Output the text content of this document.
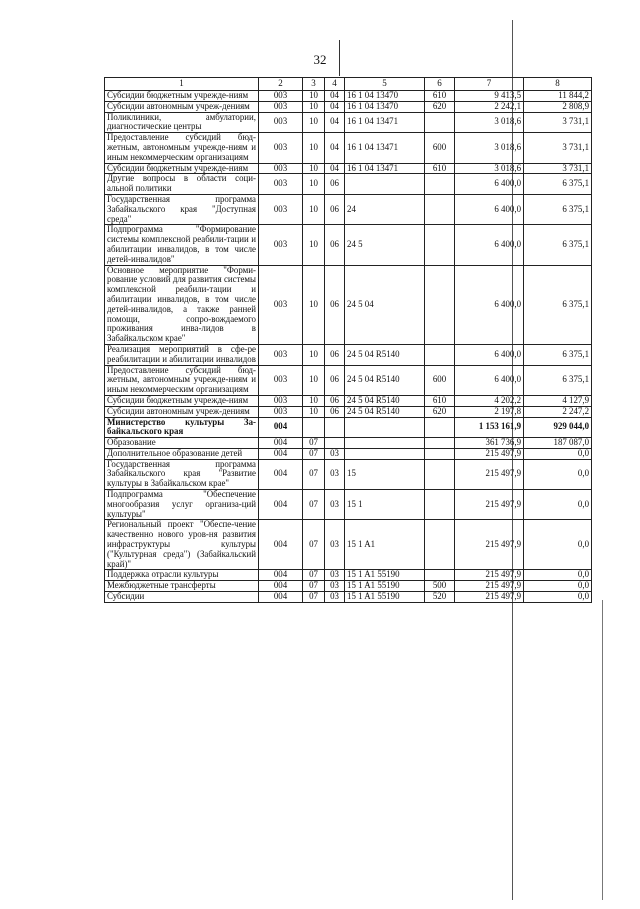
32
1	2	3	4	5	6	7	8
Субсидии бюджетным учрежде-ниям	003	10	04	16 1 04 13470	610	9 413,5	11 844,2
Субсидии автономным учреж-дениям	003	10	04	16 1 04 13470	620	2 242,1	2 808,9
Поликлиники, амбулатории, диагностические центры	003	10	04	16 1 04 13471		3 018,6	3 731,1
Предоставление субсидий бюд-жетным, автономным учрежде-ниям и иным некоммерческим организациям	003	10	04	16 1 04 13471	600	3 018,6	3 731,1
Субсидии бюджетным учрежде-ниям	003	10	04	16 1 04 13471	610	3 018,6	3 731,1
Другие вопросы в области соци-альной политики	003	10	06			6 400,0	6 375,1
Государственная программа Забайкальского края "Доступная среда"	003	10	06	24		6 400,0	6 375,1
Подпрограмма "Формирование системы комплексной реабили-тации и абилитации инвалидов, в том числе детей-инвалидов"	003	10	06	24 5		6 400,0	6 375,1
Основное мероприятие "Форми-рование условий для развития системы комплексной реабили-тации и абилитации инвалидов, в том числе детей-инвалидов, а также ранней помощи, сопро-вождаемого проживания инва-лидов в Забайкальском крае"	003	10	06	24 5 04		6 400,0	6 375,1
Реализация мероприятий в сфе-ре реабилитации и абилитации инвалидов	003	10	06	24 5 04 R5140		6 400,0	6 375,1
Предоставление субсидий бюд-жетным, автономным учрежде-ниям и иным некоммерческим организациям	003	10	06	24 5 04 R5140	600	6 400,0	6 375,1
Субсидии бюджетным учрежде-ниям	003	10	06	24 5 04 R5140	610	4 202,2	4 127,9
Субсидии автономным учреж-дениям	003	10	06	24 5 04 R5140	620	2 197,8	2 247,2
Министерство культуры За-байкальского края	004					1 153 161,9	929 044,0
Образование	004	07				361 736,9	187 087,0
Дополнительное образование детей	004	07	03			215 497,9	0,0
Государственная программа Забайкальского края "Развитие культуры в Забайкальском крае"	004	07	03	15		215 497,9	0,0
Подпрограмма "Обеспечение многообразия услуг организа-ций культуры"	004	07	03	15 1		215 497,9	0,0
Региональный проект "Обеспе-чение качественно нового уров-ня развития инфраструктуры культуры ("Культурная среда") (Забайкальский край)"	004	07	03	15 1 A1		215 497,9	0,0
Поддержка отрасли культуры	004	07	03	15 1 A1 55190		215 497,9	0,0
Межбюджетные трансферты	004	07	03	15 1 A1 55190	500	215 497,9	0,0
Субсидии	004	07	03	15 1 A1 55190	520	215 497,9	0,0
